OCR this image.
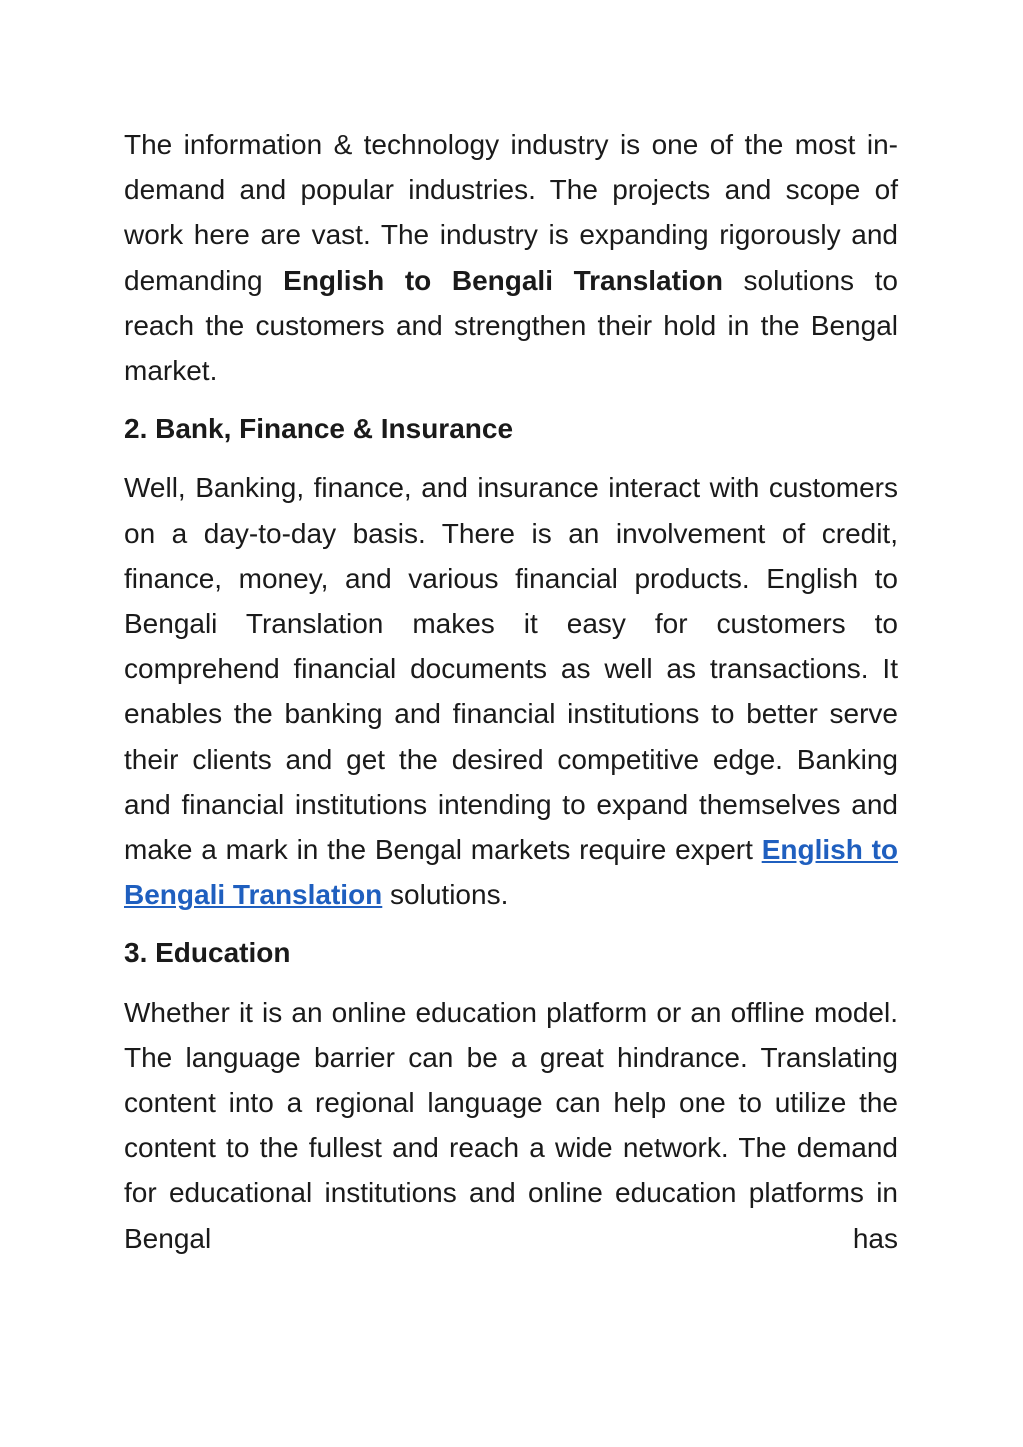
The information & technology industry is one of the most in-demand and popular industries. The projects and scope of work here are vast. The industry is expanding rigorously and demanding English to Bengali Translation solutions to reach the customers and strengthen their hold in the Bengal market.

2. Bank, Finance & Insurance

Well, Banking, finance, and insurance interact with customers on a day-to-day basis. There is an involvement of credit, finance, money, and various financial products. English to Bengali Translation makes it easy for customers to comprehend financial documents as well as transactions. It enables the banking and financial institutions to better serve their clients and get the desired competitive edge. Banking and financial institutions intending to expand themselves and make a mark in the Bengal markets require expert English to Bengali Translation solutions.

3. Education

Whether it is an online education platform or an offline model. The language barrier can be a great hindrance. Translating content into a regional language can help one to utilize the content to the fullest and reach a wide network. The demand for educational institutions and online education platforms in Bengal has
